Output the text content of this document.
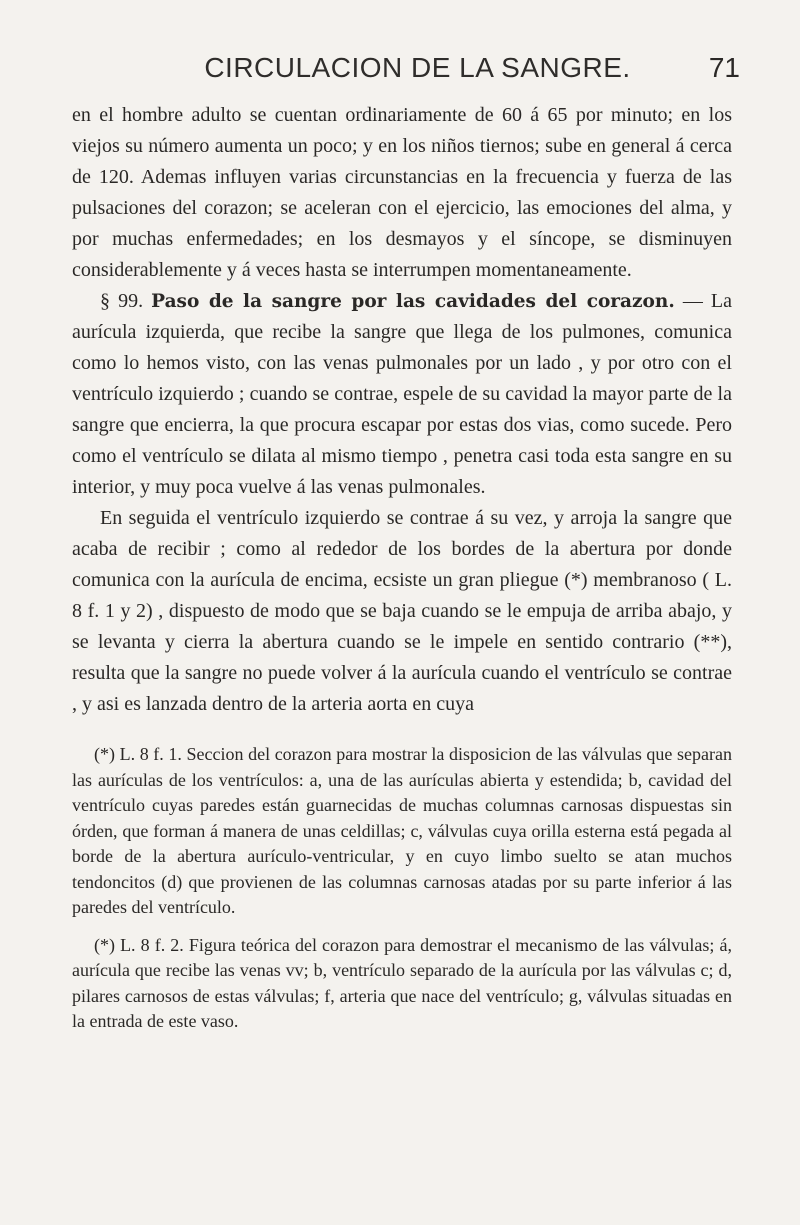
CIRCULACION DE LA SANGRE.	71

en el hombre adulto se cuentan ordinariamente de 60 á 65 por minuto; en los viejos su número aumenta un poco; y en los niños tiernos; sube en general á cerca de 120. Ademas influyen varias circunstancias en la frecuencia y fuerza de las pulsaciones del corazon; se aceleran con el ejercicio, las emociones del alma, y por muchas enfermedades; en los desmayos y el síncope, se disminuyen considerablemente y á veces hasta se interrumpen momentaneamente.

§ 99. Paso de la sangre por las cavidades del corazon. — La aurícula izquierda, que recibe la sangre que llega de los pulmones, comunica como lo hemos visto, con las venas pulmonales por un lado , y por otro con el ventrículo izquierdo ; cuando se contrae, espele de su cavidad la mayor parte de la sangre que encierra, la que procura escapar por estas dos vias, como sucede. Pero como el ventrículo se dilata al mismo tiempo , penetra casi toda esta sangre en su interior, y muy poca vuelve á las venas pulmonales.

En seguida el ventrículo izquierdo se contrae á su vez, y arroja la sangre que acaba de recibir ; como al rededor de los bordes de la abertura por donde comunica con la aurícula de encima, ecsiste un gran pliegue (*) membranoso ( L. 8 f. 1 y 2) , dispuesto de modo que se baja cuando se le empuja de arriba abajo, y se levanta y cierra la abertura cuando se le impele en sentido contrario (**), resulta que la sangre no puede volver á la aurícula cuando el ventrículo se contrae , y asi es lanzada dentro de la arteria aorta en cuya

(*) L. 8 f. 1. Seccion del corazon para mostrar la disposicion de las válvulas que separan las aurículas de los ventrículos: a, una de las aurículas abierta y estendida; b, cavidad del ventrículo cuyas paredes están guarnecidas de muchas columnas carnosas dispuestas sin órden, que forman á manera de unas celdillas; c, válvulas cuya orilla esterna está pegada al borde de la abertura aurículo-ventricular, y en cuyo limbo suelto se atan muchos tendoncitos (d) que provienen de las columnas carnosas atadas por su parte inferior á las paredes del ventrículo.

(*) L. 8 f. 2. Figura teórica del corazon para demostrar el mecanismo de las válvulas; á, aurícula que recibe las venas vv; b, ventrículo separado de la aurícula por las válvulas c; d, pilares carnosos de estas válvulas; f, arteria que nace del ventrículo; g, válvulas situadas en la entrada de este vaso.
